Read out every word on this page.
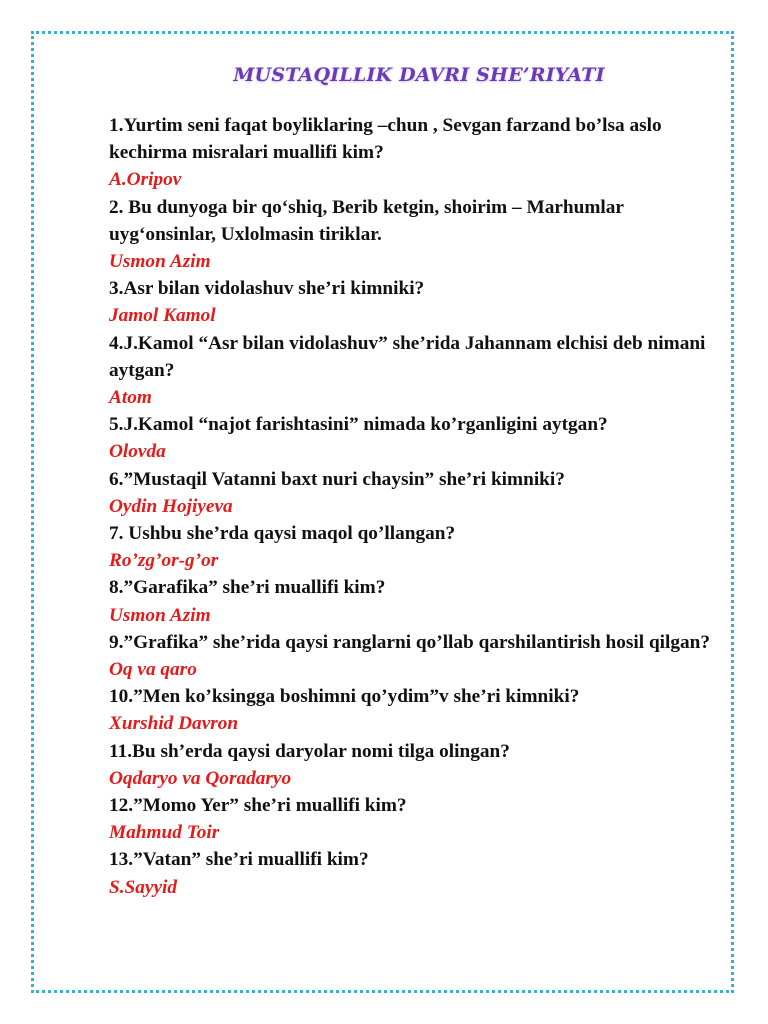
MUSTAQILLIK DAVRI SHE’RIYATI

1.Yurtim seni faqat boyliklaring –chun , Sevgan farzand bo’lsa aslo kechirma misralari muallifi kim?

A.Oripov

2. Bu dunyoga bir qo‘shiq, Berib ketgin, shoirim – Marhumlar uyg‘onsinlar, Uxlolmasin tiriklar.

Usmon Azim

3.Asr bilan vidolashuv she’ri kimniki?

Jamol Kamol

4.J.Kamol “Asr bilan vidolashuv” she’rida Jahannam elchisi deb nimani aytgan?

Atom

5.J.Kamol “najot farishtasini” nimada ko’rganligini aytgan?

Olovda

6.”Mustaqil Vatanni baxt nuri chaysin” she’ri kimniki?

Oydin Hojiyeva

7. Ushbu she’rda qaysi maqol qo’llangan?

Ro’zg’or-g’or

8.”Garafika” she’ri muallifi kim?

Usmon Azim

9.”Grafika” she’rida qaysi ranglarni qo’llab qarshilantirish hosil qilgan?

Oq va qaro

10.”Men ko’ksingga boshimni qo’ydim”v she’ri kimniki?

Xurshid Davron

11.Bu sh’erda qaysi daryolar nomi tilga olingan?

Oqdaryo va Qoradaryo

12.”Momo Yer” she’ri muallifi kim?

Mahmud Toir

13.”Vatan” she’ri muallifi kim?

S.Sayyid
